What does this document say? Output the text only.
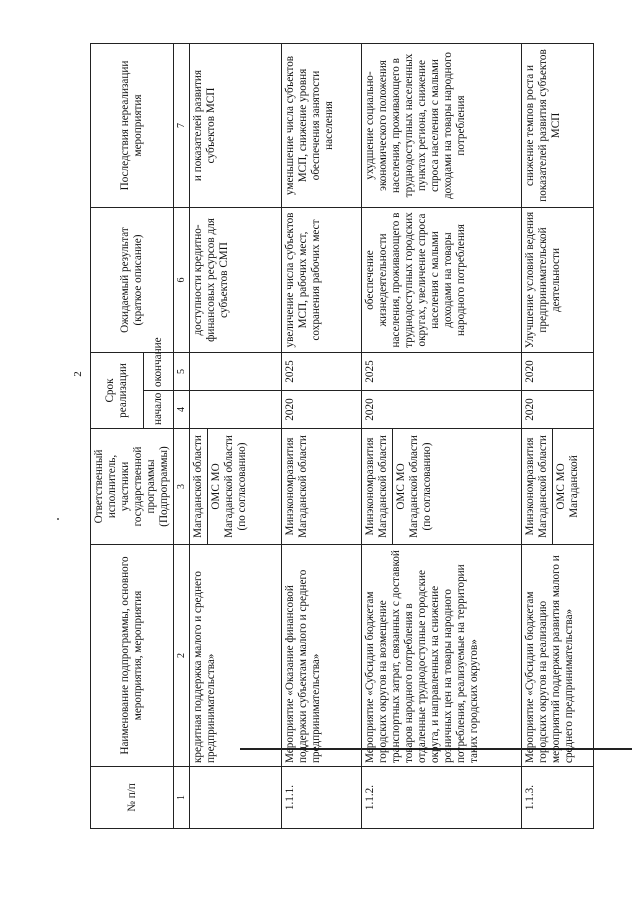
2
№ п/п	Наименование подпрограммы, основного мероприятия, мероприятия	Ответственный исполнитель, участники государственной программы (Подпрограммы)	Срок реализации		Ожидаемый результат (краткое описание)	Последствия нереализации мероприятия
			начало	окончание		
1	2	3	4	5	6	7
	кредитная поддержка малого и среднего предпринимательства»	Магаданской области ОМС МО Магаданской области (по согласованию)			доступности кредитно-финансовых ресурсов для субъектов СМП	и показателей развития субъектов МСП
1.1.1.	Мероприятие «Оказание финансовой поддержки субъектам малого и среднего предпринимательства»	Минэкономразвития Магаданской области	2020	2025	увеличение числа субъектов МСП, рабочих мест, сохранения рабочих мест	уменьшение числа субъектов МСП, снижение уровня обеспечения занятости населения
1.1.2.	Мероприятие «Субсидии бюджетам городских округов на возмещение транспортных затрат, связанных с доставкой товаров народного потребления в отдаленные труднодоступные городские округа, и направленных на снижение розничных цен на товары народного потребления, реализуемые на территории таких городских округов»	Минэкономразвития Магаданской области ОМС МО Магаданской области (по согласованию)	2020	2025	обеспечение жизнедеятельности населения, проживающего в труднодоступных городских округах, увеличение спроса населения с малыми доходами на товары народного потребления	ухудшение социально-экономического положения населения, проживающего в труднодоступных населенных пунктах региона, снижение спроса населения с малыми доходами на товары народного потребления
1.1.3.	Мероприятие «Субсидии бюджетам городских округов на реализацию мероприятий поддержки развития малого и среднего предпринимательства»	Минэкономразвития Магаданской области ОМС МО Магаданской	2020	2020	Улучшение условий ведения предпринимательской деятельности	снижение темпов роста и показателей развития субъектов МСП
